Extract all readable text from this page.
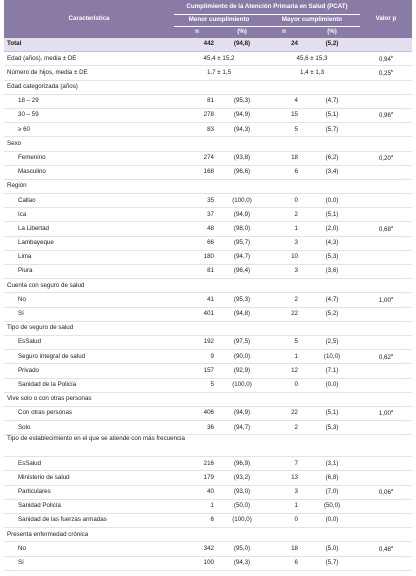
Característica	Cumplimiento de la Atención Primaria en Salud (PCAT)				Valor p
	Menor cumplimiento		Mayor cumplimiento		
	n	(%)	n	(%)	
Total	442	(94,8)	24	(5,2)	
Edad (años), media ± DE	45,4 ± 15,2		45,6 ± 15,3		0,94$^b$
Número de hijos, media ± DE	1,7 ± 1,5		1,4 ± 1,3		0,25$^b$
Edad categorizada (años)					
18 – 29	81	(95,3)	4	(4,7)	
30 – 59	278	(94,9)	15	(5,1)	0,96$^a$
≥ 60	83	(94,3)	5	(5,7)	
Sexo					
Femenino	274	(93,8)	18	(6,2)	0,20$^a$
Masculino	168	(96,6)	6	(3,4)	
Región					
Callao	35	(100,0)	0	(0,0)	
Ica	37	(94,9)	2	(5,1)	
La Libertad	48	(98,0)	1	(2,0)	0,68$^a$
Lambayeque	66	(95,7)	3	(4,3)	
Lima	180	(94,7)	10	(5,3)	
Piura	81	(96,4)	3	(3,6)	
Cuenta con seguro de salud					
No	41	(95,3)	2	(4,7)	1,00$^a$
Sí	401	(94,8)	22	(5,2)	
Tipo de seguro de salud					
EsSalud	192	(97,5)	5	(2,5)	
Seguro integral de salud	9	(90,0)	1	(10,0)	0,62$^a$
Privado	157	(92,9)	12	(7,1)	
Sanidad de la Policía	5	(100,0)	0	(0,0)	
Vive solo o con otras personas					
Con otras personas	406	(94,9)	22	(5,1)	1,00$^a$
Solo	36	(94,7)	2	(5,3)	
Tipo de establecimiento en el que se atiende con más frecuencia					
EsSalud	216	(96,9)	7	(3,1)	
Ministerio de salud	179	(93,2)	13	(6,8)	
Particulares	40	(93,0)	3	(7,0)	0,06$^a$
Sanidad Policía	1	(50,0)	1	(50,0)	
Sanidad de las fuerzas armadas	6	(100,0)	0	(0,0)	
Presenta enfermedad crónica					
No	342	(95,0)	18	(5,0)	0,48$^a$
Sí	100	(94,3)	6	(5,7)	
